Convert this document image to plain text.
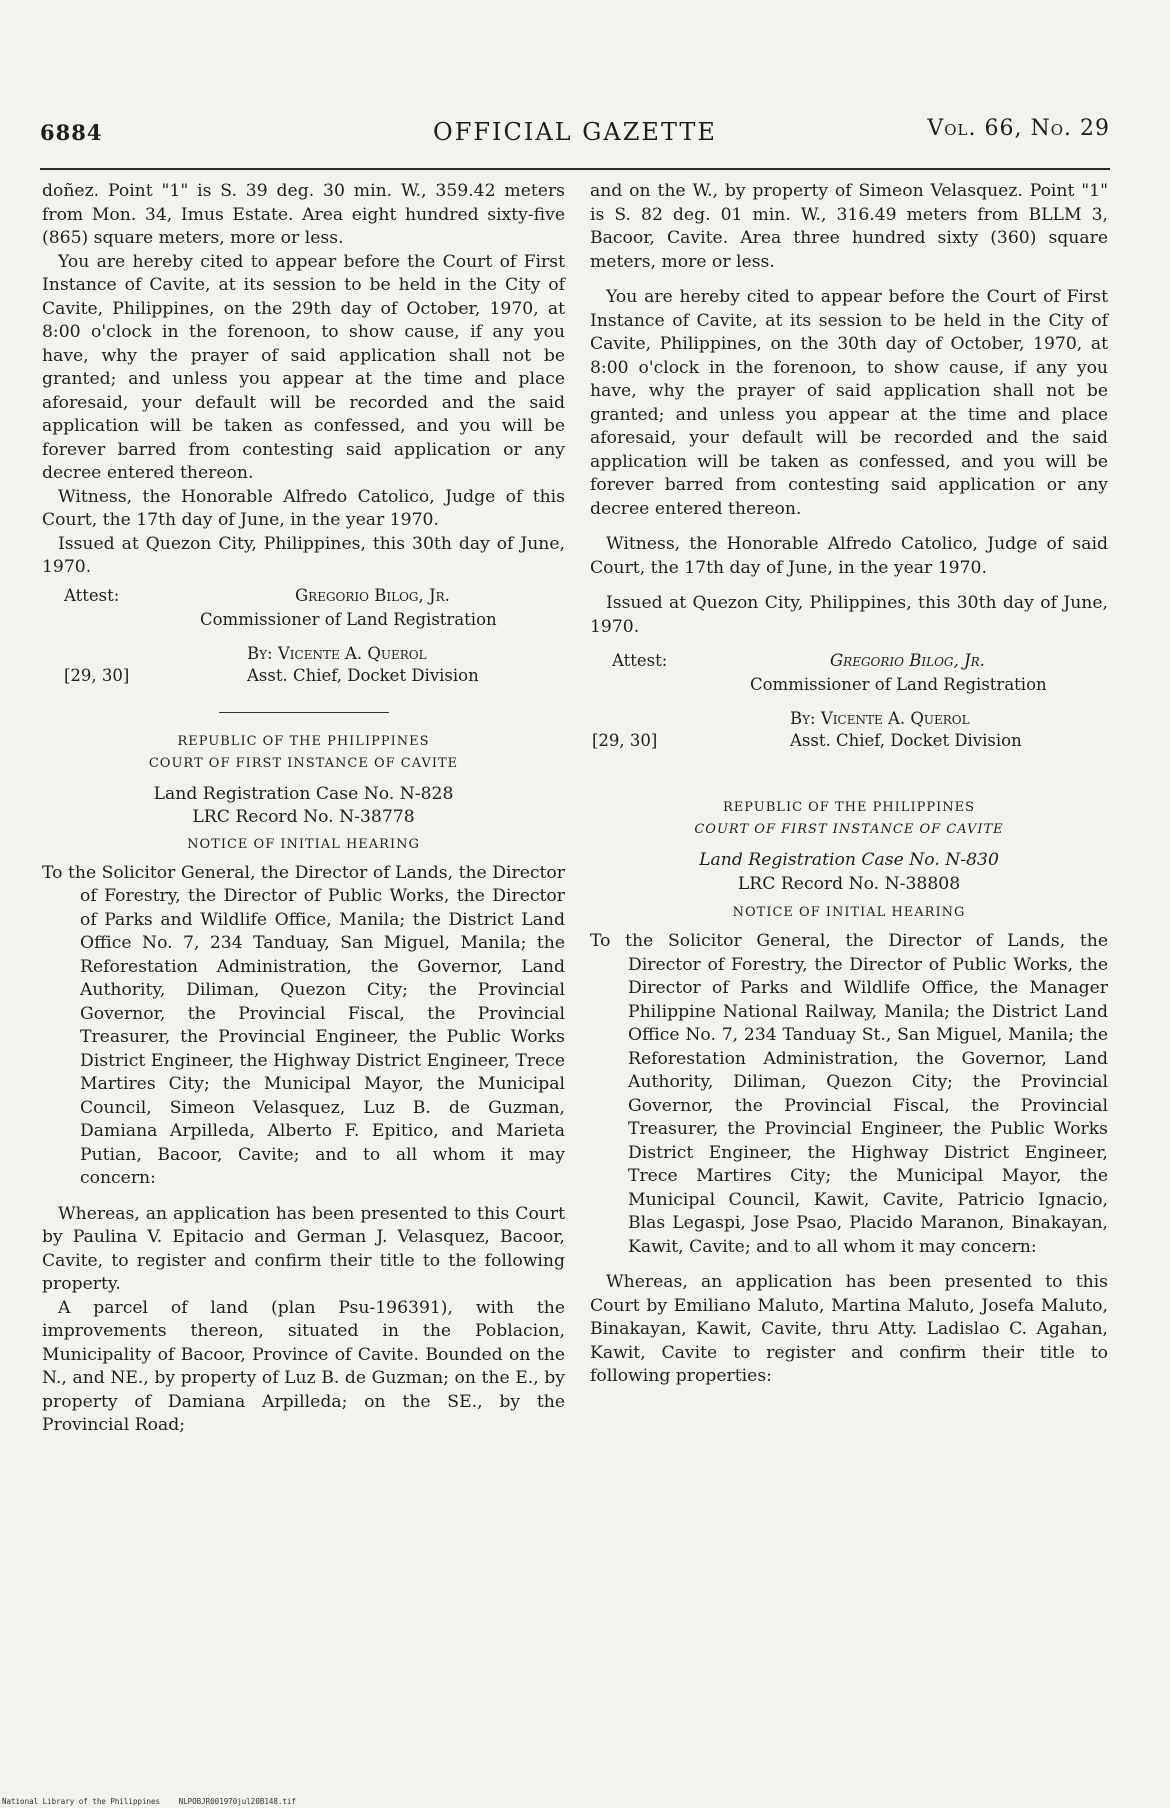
6884	OFFICIAL GAZETTE	Vol. 66, No. 29

doñez. Point "1" is S. 39 deg. 30 min. W., 359.42 meters from Mon. 34, Imus Estate. Area eight hundred sixty-five (865) square meters, more or less.

You are hereby cited to appear before the Court of First Instance of Cavite, at its session to be held in the City of Cavite, Philippines, on the 29th day of October, 1970, at 8:00 o'clock in the forenoon, to show cause, if any you have, why the prayer of said application shall not be granted; and unless you appear at the time and place aforesaid, your default will be recorded and the said application will be taken as confessed, and you will be forever barred from contesting said application or any decree entered thereon.

Witness, the Honorable Alfredo Catolico, Judge of this Court, the 17th day of June, in the year 1970.

Issued at Quezon City, Philippines, this 30th day of June, 1970.

Attest:	Gregorio Bilog, Jr.
Commissioner of Land Registration
By: Vicente A. Querol
[29, 30]	Asst. Chief, Docket Division
REPUBLIC OF THE PHILIPPINES
COURT OF FIRST INSTANCE OF CAVITE
Land Registration Case No. N-828
LRC Record No. N-38778
NOTICE OF INITIAL HEARING

To the Solicitor General, the Director of Lands, the Director of Forestry, the Director of Public Works, the Director of Parks and Wildlife Office, Manila; the District Land Office No. 7, 234 Tanduay, San Miguel, Manila; the Reforestation Administration, the Governor, Land Authority, Diliman, Quezon City; the Provincial Governor, the Provincial Fiscal, the Provincial Treasurer, the Provincial Engineer, the Public Works District Engineer, the Highway District Engineer, Trece Martires City; the Municipal Mayor, the Municipal Council, Simeon Velasquez, Luz B. de Guzman, Damiana Arpilleda, Alberto F. Epitico, and Marieta Putian, Bacoor, Cavite; and to all whom it may concern:

Whereas, an application has been presented to this Court by Paulina V. Epitacio and German J. Velasquez, Bacoor, Cavite, to register and confirm their title to the following property.

A parcel of land (plan Psu-196391), with the improvements thereon, situated in the Poblacion, Municipality of Bacoor, Province of Cavite. Bounded on the N., and NE., by property of Luz B. de Guzman; on the E., by property of Damiana Arpilleda; on the SE., by the Provincial Road;

and on the W., by property of Simeon Velasquez. Point "1" is S. 82 deg. 01 min. W., 316.49 meters from BLLM 3, Bacoor, Cavite. Area three hundred sixty (360) square meters, more or less.

You are hereby cited to appear before the Court of First Instance of Cavite, at its session to be held in the City of Cavite, Philippines, on the 30th day of October, 1970, at 8:00 o'clock in the forenoon, to show cause, if any you have, why the prayer of said application shall not be granted; and unless you appear at the time and place aforesaid, your default will be recorded and the said application will be taken as confessed, and you will be forever barred from contesting said application or any decree entered thereon.

Witness, the Honorable Alfredo Catolico, Judge of said Court, the 17th day of June, in the year 1970.

Issued at Quezon City, Philippines, this 30th day of June, 1970.

Attest:	Gregorio Bilog, Jr.
Commissioner of Land Registration
By: Vicente A. Querol
[29, 30]	Asst. Chief, Docket Division
REPUBLIC OF THE PHILIPPINES
COURT OF FIRST INSTANCE OF CAVITE
Land Registration Case No. N-830
LRC Record No. N-38808
NOTICE OF INITIAL HEARING

To the Solicitor General, the Director of Lands, the Director of Forestry, the Director of Public Works, the Director of Parks and Wildlife Office, the Manager Philippine National Railway, Manila; the District Land Office No. 7, 234 Tanduay St., San Miguel, Manila; the Reforestation Administration, the Governor, Land Authority, Diliman, Quezon City; the Provincial Governor, the Provincial Fiscal, the Provincial Treasurer, the Provincial Engineer, the Public Works District Engineer, the Highway District Engineer, Trece Martires City; the Municipal Mayor, the Municipal Council, Kawit, Cavite, Patricio Ignacio, Blas Legaspi, Jose Psao, Placido Maranon, Binakayan, Kawit, Cavite; and to all whom it may concern:

Whereas, an application has been presented to this Court by Emiliano Maluto, Martina Maluto, Josefa Maluto, Binakayan, Kawit, Cavite, thru Atty. Ladislao C. Agahan, Kawit, Cavite to register and confirm their title to following properties:

National Library of the Philippines NLPOBJR001970jul20B148.tif
